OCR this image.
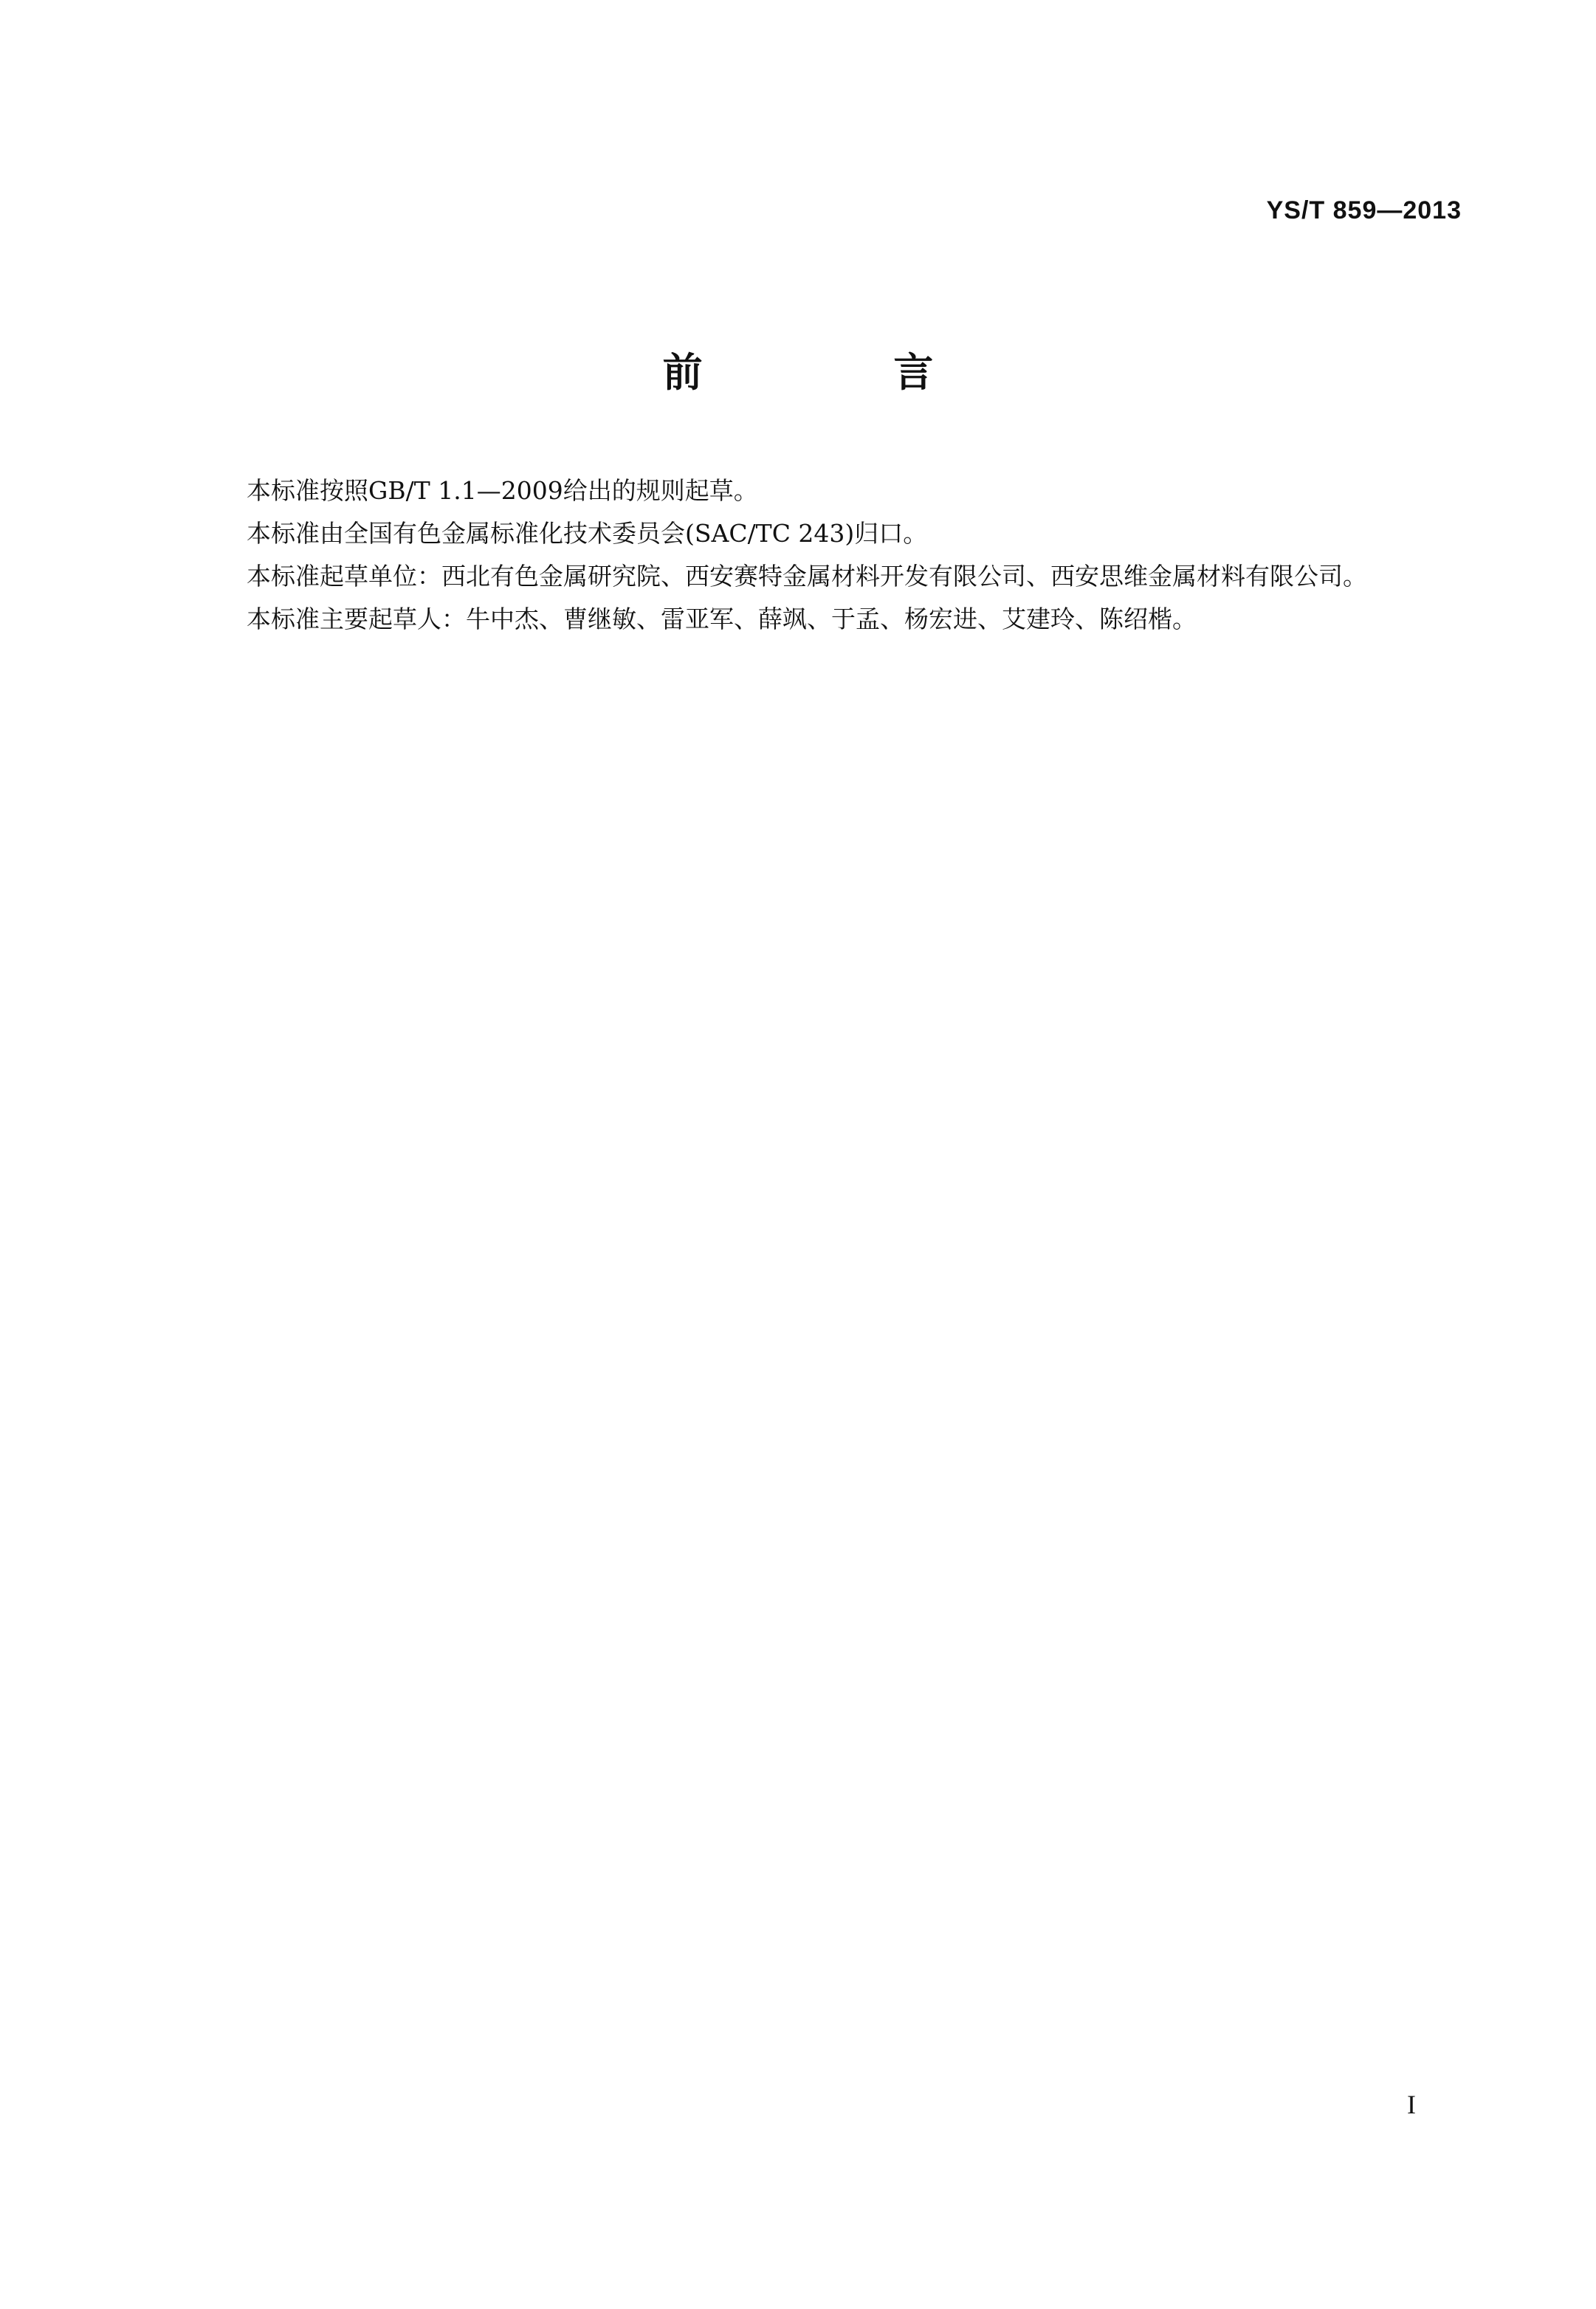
YS/T 859—2013
前 言

本标准按照GB/T 1.1—2009给出的规则起草。

本标准由全国有色金属标准化技术委员会(SAC/TC 243)归口。

本标准起草单位：西北有色金属研究院、西安赛特金属材料开发有限公司、西安思维金属材料有限公司。

本标准主要起草人：牛中杰、曹继敏、雷亚军、薛飒、于孟、杨宏进、艾建玲、陈绍楷。

I
